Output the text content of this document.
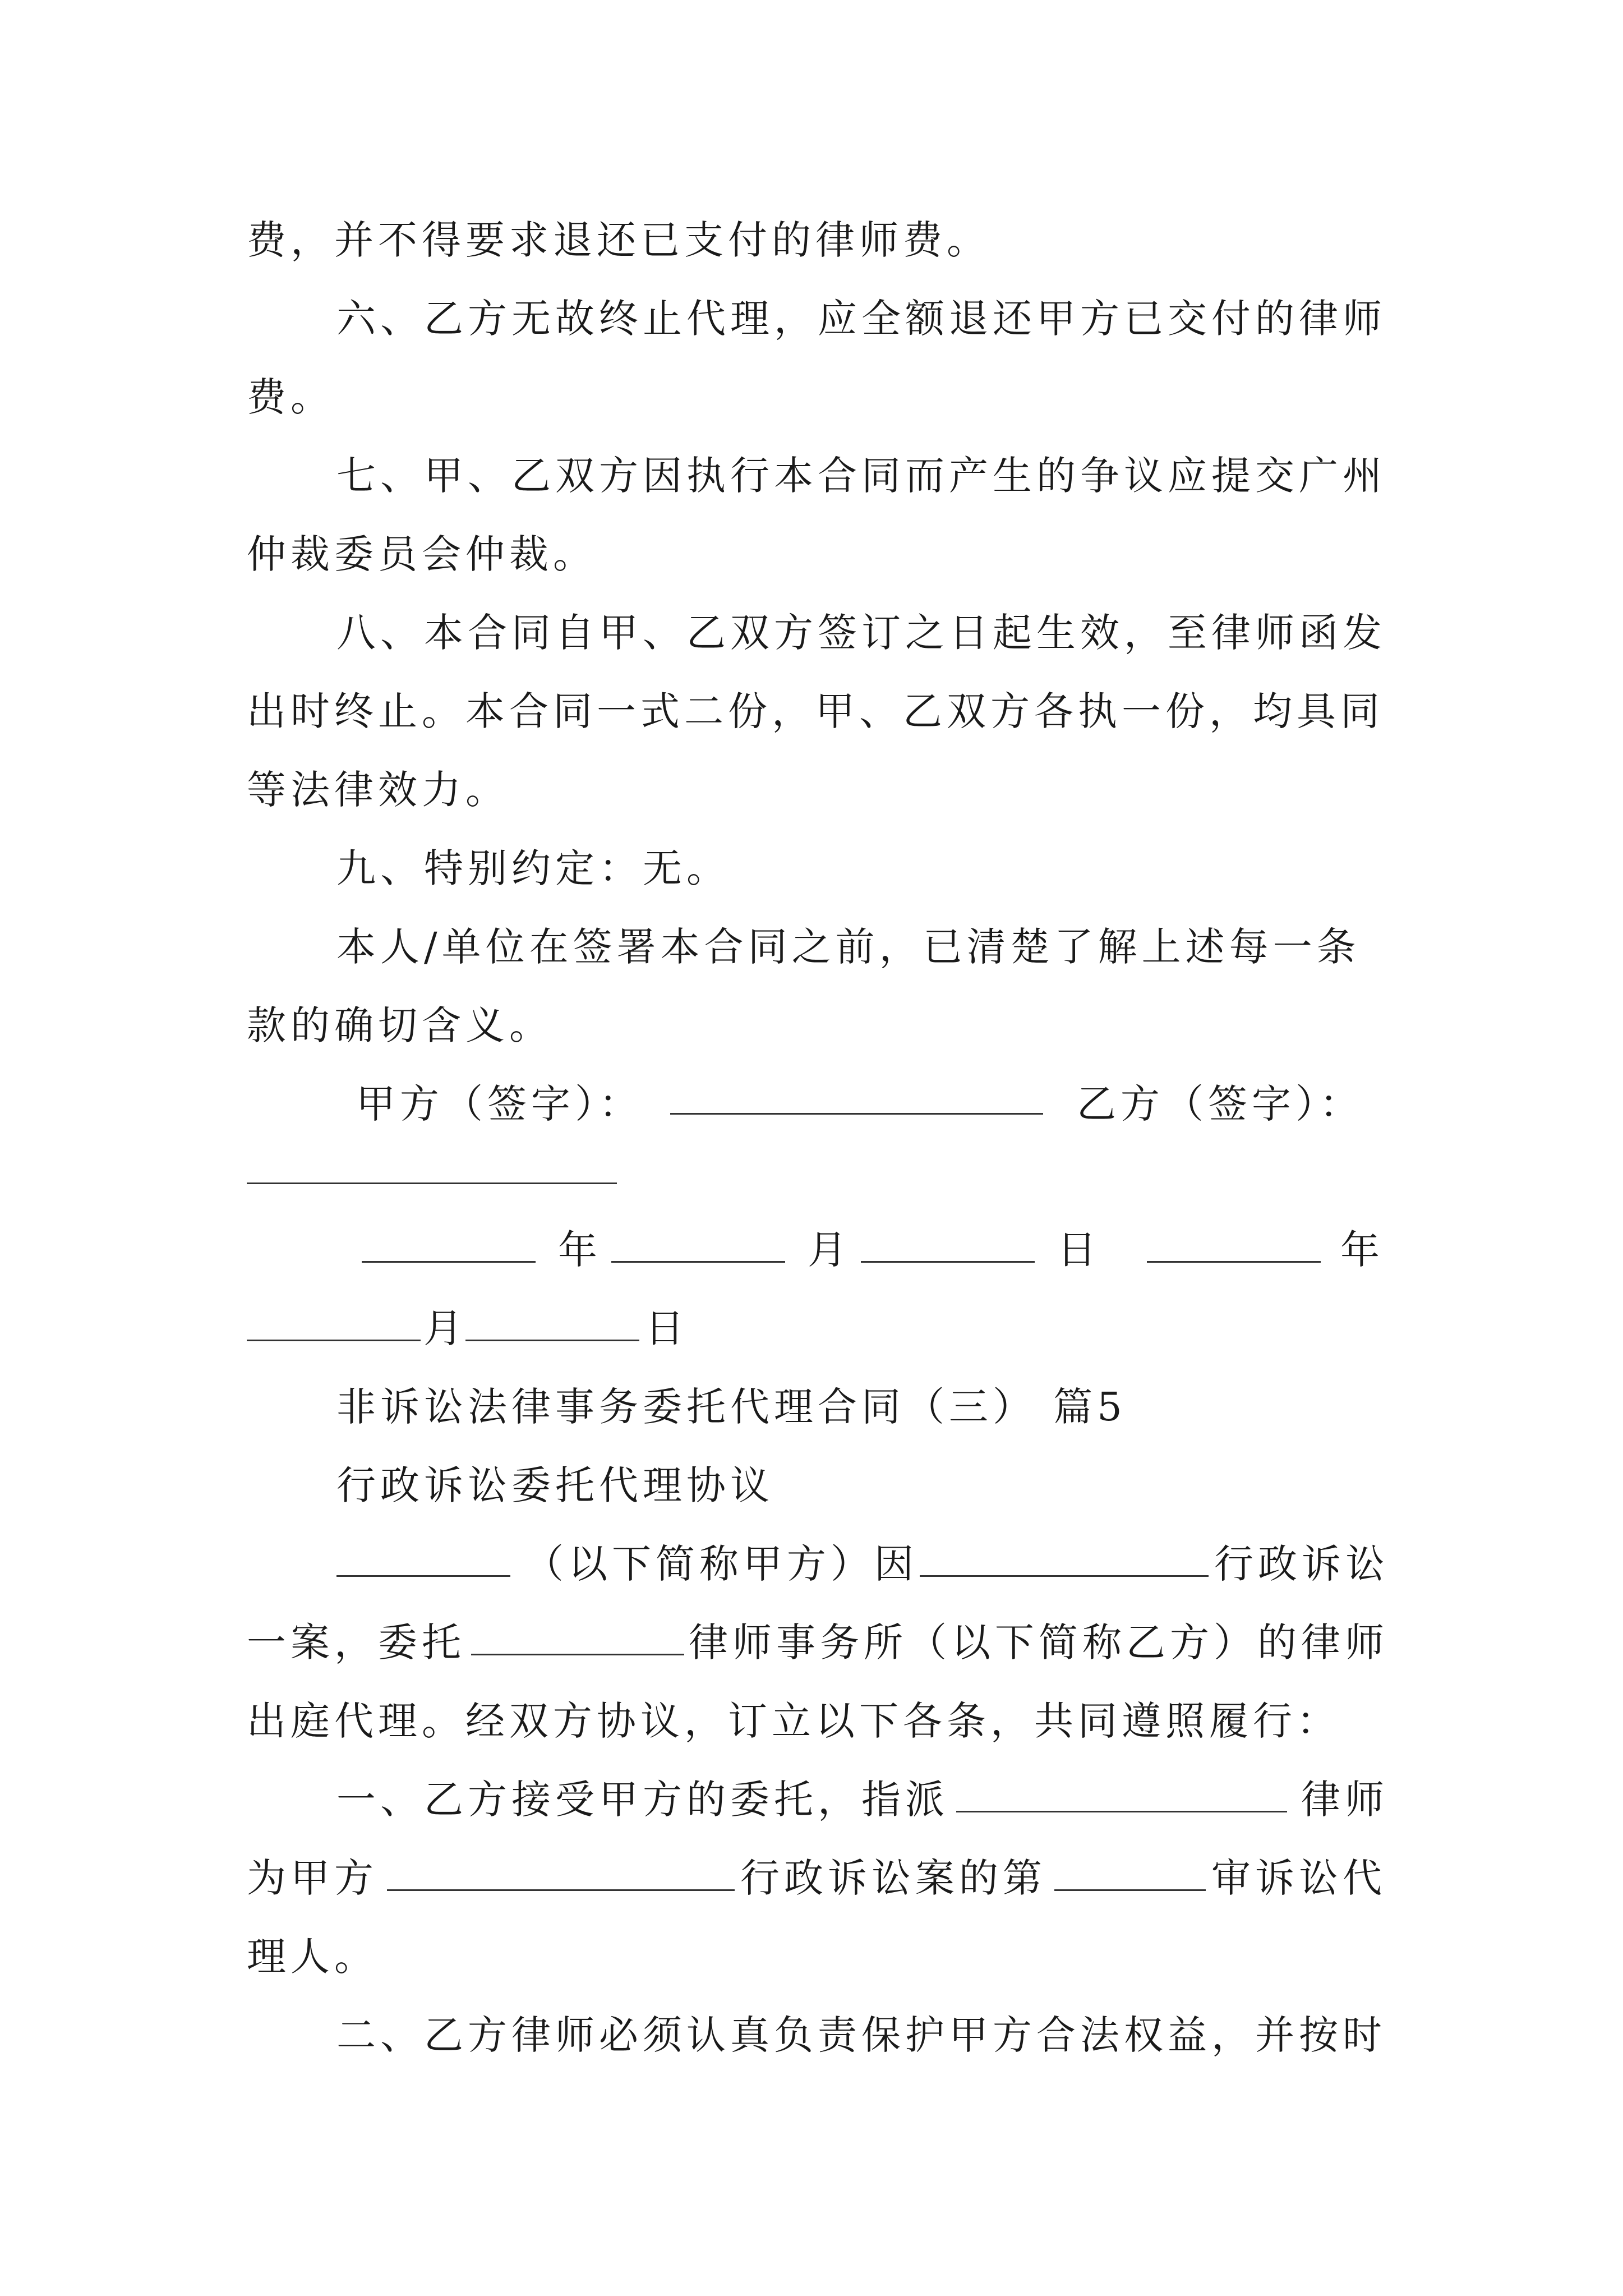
费，并不得要求退还已支付的律师费。
六、乙方无故终止代理，应全额退还甲方已交付的律师
费。
七、甲、乙双方因执行本合同而产生的争议应提交广州
仲裁委员会仲裁。
八、本合同自甲、乙双方签订之日起生效，至律师函发
出时终止。本合同一式二份，甲、乙双方各执一份，均具同
等法律效力。
九、特别约定：无。
本人/单位在签署本合同之前，已清楚了解上述每一条
款的确切含义。
甲方（签字）：	乙方（签字）：
年	月	日	年
月	日
非诉讼法律事务委托代理合同（三） 篇5
行政诉讼委托代理协议
（以下简称甲方）因	行政诉讼
一案，委托	律师事务所（以下简称乙方）的律师
出庭代理。经双方协议，订立以下各条，共同遵照履行：
一、乙方接受甲方的委托，指派	律师
为甲方	行政诉讼案的第	审诉讼代
理人。
二、乙方律师必须认真负责保护甲方合法权益，并按时
